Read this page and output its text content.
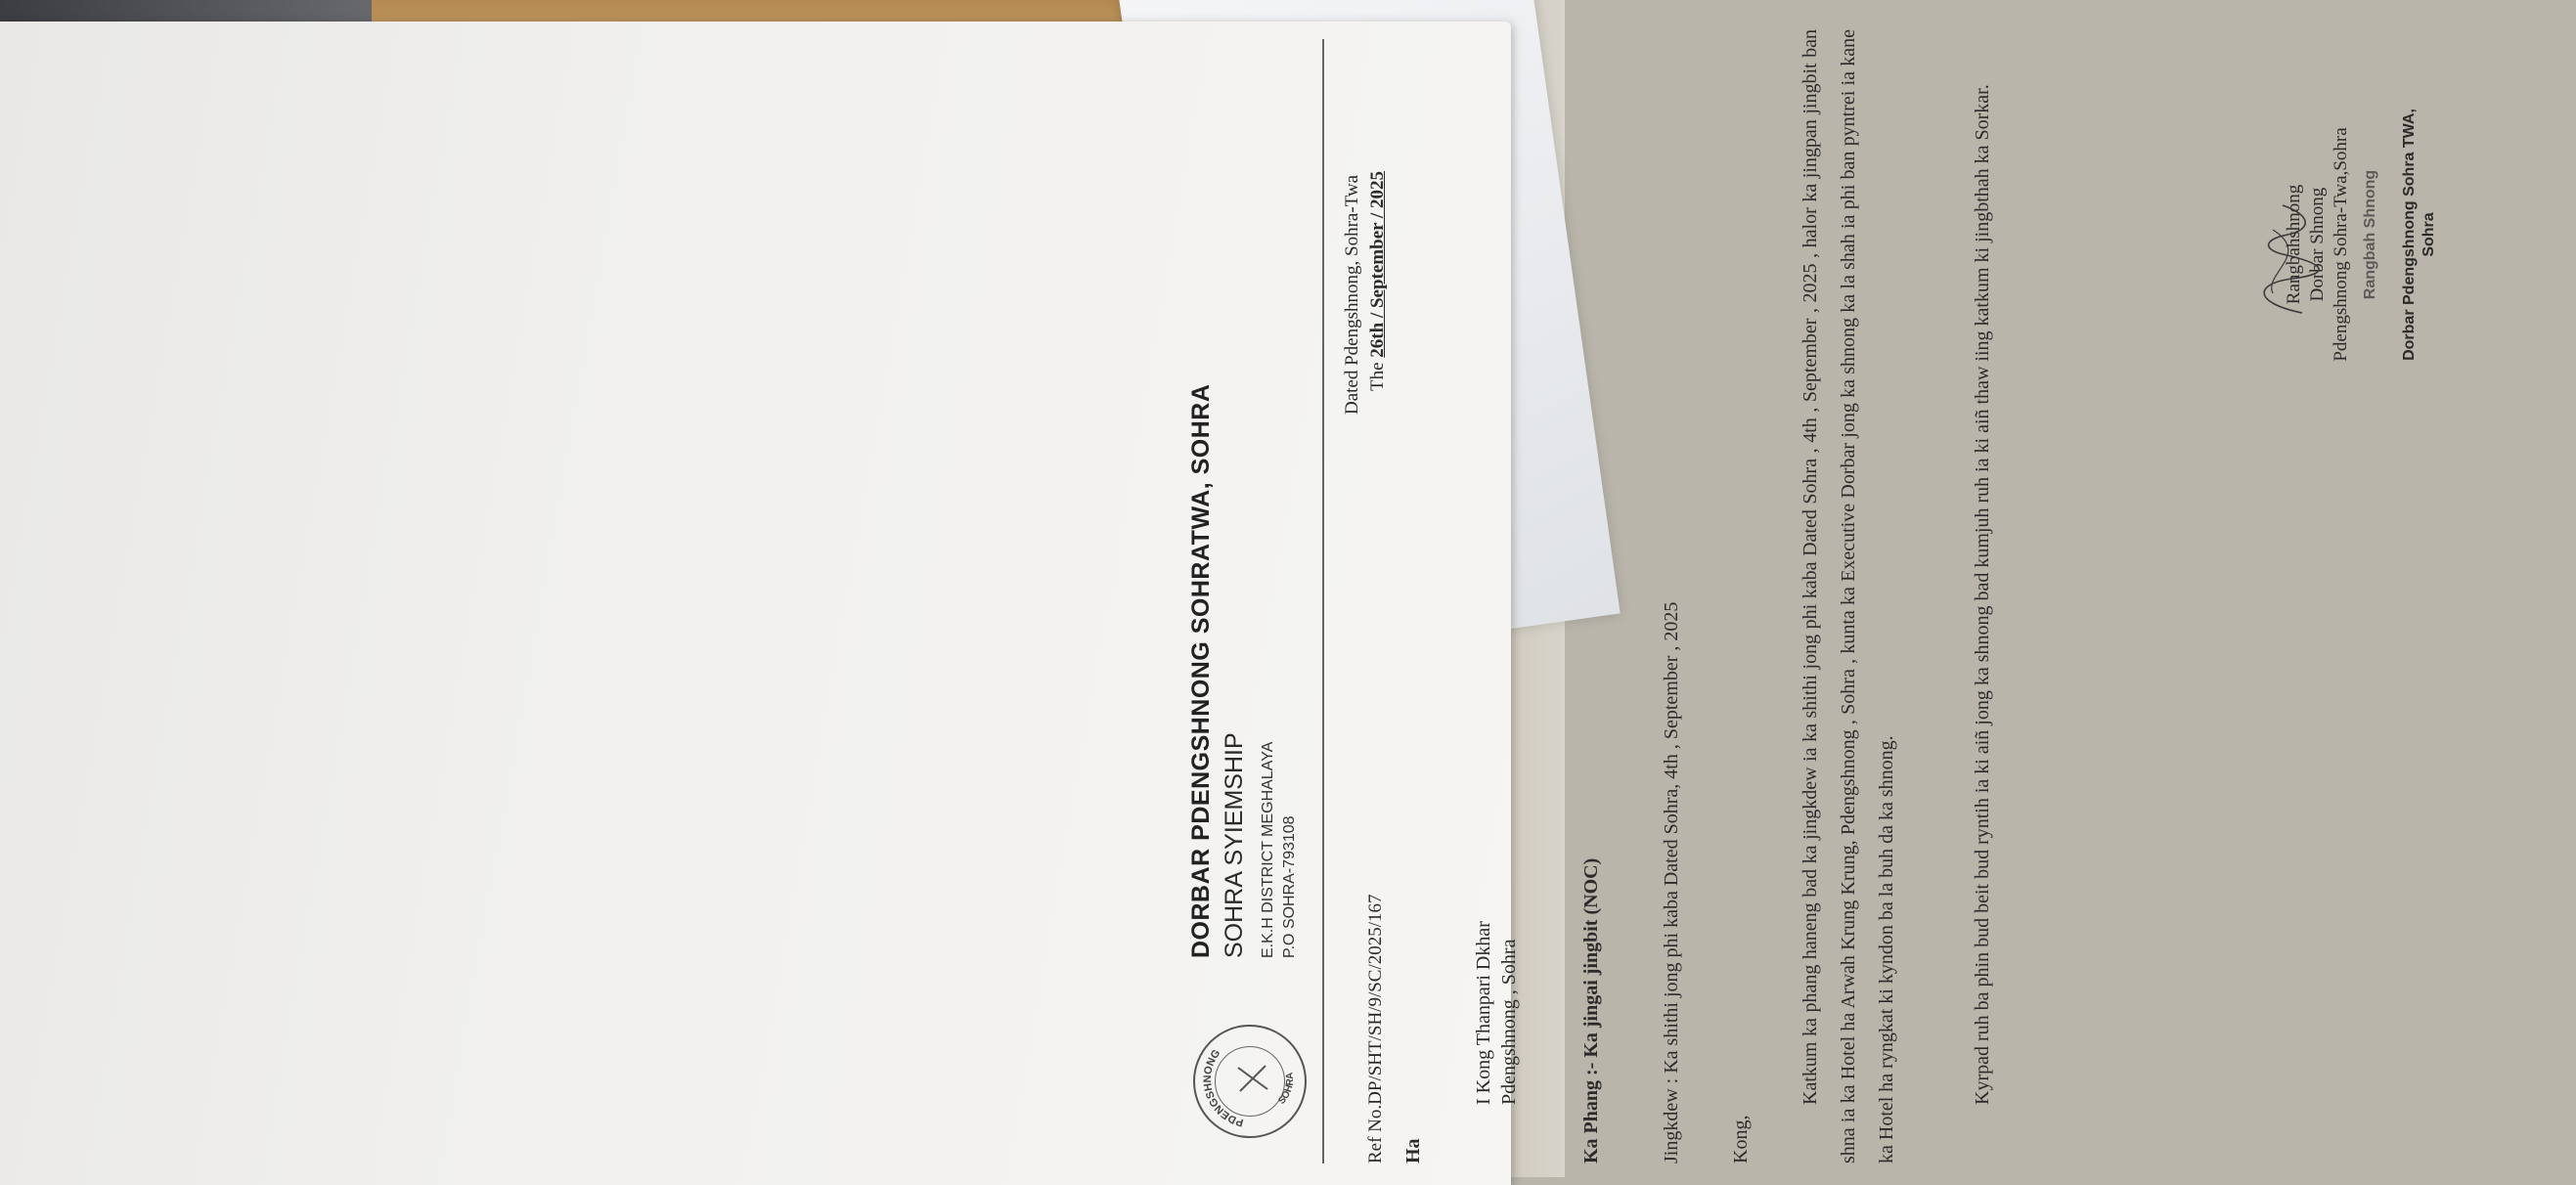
PDENGSHNONG
SOHRA
DORBAR PDENGSHNONG SOHRATWA, SOHRA SOHRA SYIEMSHIP E.K.H DISTRICT MEGHALAYA P.O SOHRA-793108
Ref No.DP/SHT/SH/9/SC/2025/167
Dated Pdengshnong, Sohra-Twa The 26th / September / 2025
Ha
I Kong Thanpari Dkhar Pdengshnong , Sohra	Ka Phang :- Ka jingai jingbit (NOC)	Jingkdew : Ka shithi jong phi kaba Dated Sohra, 4th , September , 2025 Kong,
Katkum ka phang haneng bad ka jingkdew ia ka shithi jong phi kaba Dated Sohra , 4th , September , 2025 , halor ka jingpan jingbit ban shna ia ka Hotel ha Arwah Krung Krung, Pdengshnong , Sohra , kunta ka Executive Dorbar jong ka shnong ka la shah ia phi ban pyntrei ia kane ka Hotel ha ryngkat ki kyndon ba la buh da ka shnong.	Kyrpad ruh ba phin bud beit bud ryntih ia ki aiñ jong ka shnong bad kumjuh ruh ia ki aiñ thaw iing katkum ki jingbthah ka Sorkar.	Rangbahshnong Dorbar Shnong Pdengshnong Sohra-Twa,Sohra Rangbah Shnong Dorbar Pdengshnong Sohra TWA, Sohra
